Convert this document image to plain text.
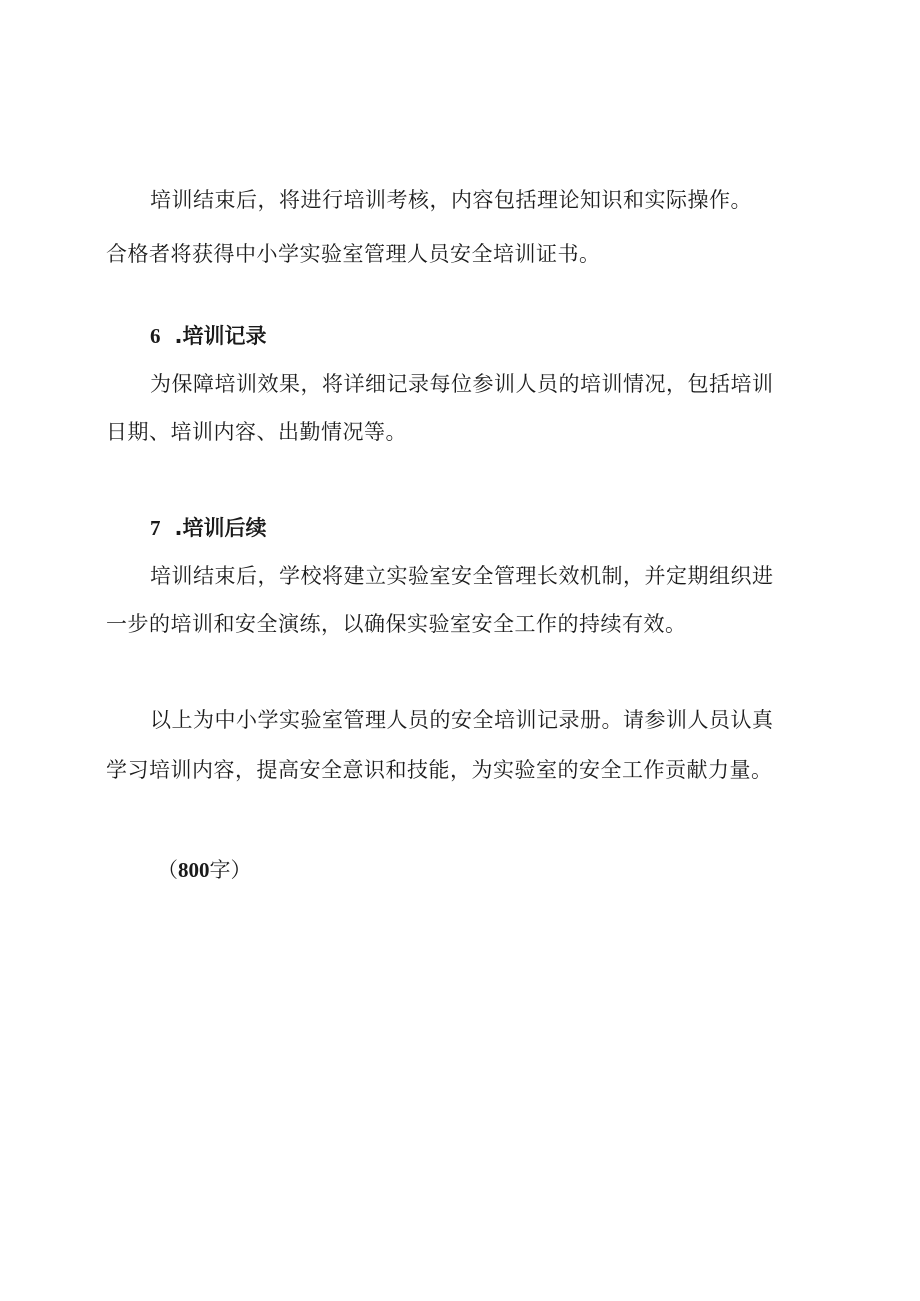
培训结束后，将进行培训考核，内容包括理论知识和实际操作。
合格者将获得中小学实验室管理人员安全培训证书。
6 .培训记录
为保障培训效果，将详细记录每位参训人员的培训情况，包括培训
日期、培训内容、出勤情况等。
7 .培训后续
培训结束后，学校将建立实验室安全管理长效机制，并定期组织进
一步的培训和安全演练，以确保实验室安全工作的持续有效。
以上为中小学实验室管理人员的安全培训记录册。请参训人员认真
学习培训内容，提高安全意识和技能，为实验室的安全工作贡献力量。
（800字）
